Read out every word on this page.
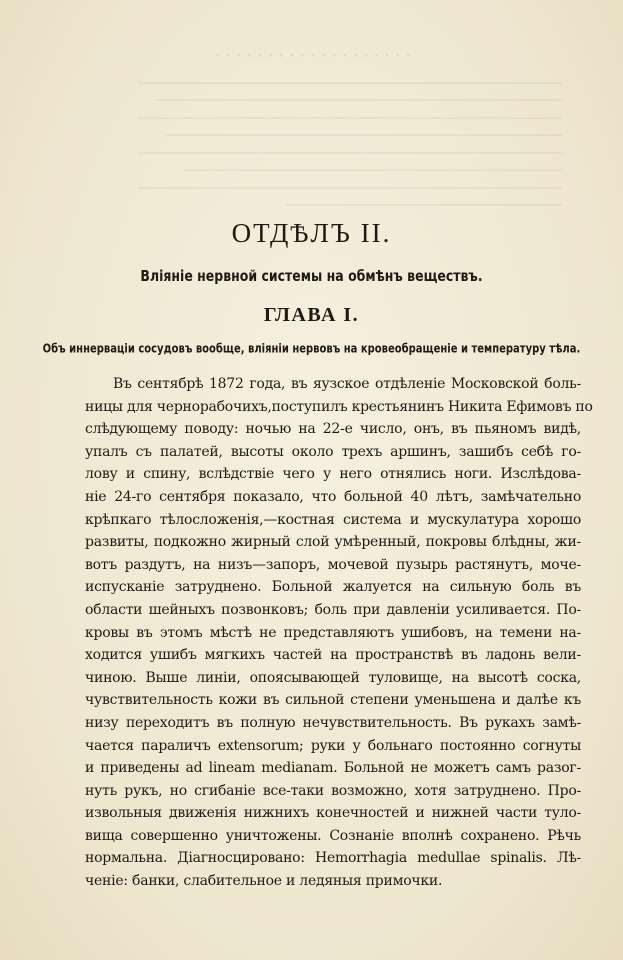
• • • • • • • • • • • • • • • • • • •
──────────────────────────────────────────────
────────────────────────────────────────────
──────────────────────────────────────────────
───────────────────────────────────────────
──────────────────────────────────────────────
─────────────────────────────────────────
──────────────────────────────────────────────
──────────────────────────────
ОТДѢЛЪ II.
Вліяніе нервной системы на обмѣнъ веществъ.
ГЛАВА I.
Объ иннерваціи сосудовъ вообще, вліяніи нервовъ на кровеобращеніе и температуру тѣла.
Въ сентябрѣ 1872 года, въ яузское отдѣленіе Московской боль-
ницы для чернорабочихъ,поступилъ крестьянинъ Никита Ефимовъ по
слѣдующему поводу: ночью на 22-е число, онъ, въ пьяномъ видѣ,
упалъ съ палатей, высоты около трехъ аршинъ, зашибъ себѣ го-
лову и спину, вслѣдствіе чего у него отнялись ноги. Изслѣдова-
ніе 24-го сентября показало, что больной 40 лѣтъ, замѣчательно
крѣпкаго тѣлосложенія,—костная система и мускулатура хорошо
развиты, подкожно жирный слой умѣренный, покровы блѣдны, жи-
вотъ раздутъ, на низъ—запоръ, мочевой пузырь растянутъ, моче-
испусканіе затруднено. Больной жалуется на сильную боль въ
области шейныхъ позвонковъ; боль при давленіи усиливается. По-
кровы въ этомъ мѣстѣ не представляютъ ушибовъ, на темени на-
ходится ушибъ мягкихъ частей на пространствѣ въ ладонь вели-
чиною. Выше линіи, опоясывающей туловище, на высотѣ соска,
чувствительность кожи въ сильной степени уменьшена и далѣе къ
низу переходитъ въ полную нечувствительность. Въ рукахъ замѣ-
чается параличъ extensorum; руки у больнаго постоянно согнуты
и приведены ad lineam medianam. Больной не можетъ самъ разог-
нуть рукъ, но сгибаніе все-таки возможно, хотя затруднено. Про-
извольныя движенія нижнихъ конечностей и нижней части туло-
вища совершенно уничтожены. Сознаніе вполнѣ сохранено. Рѣчь
нормальна. Діагносцировано: Hemorrhagia medullae spinalis. Лѣ-
ченіе: банки, слабительное и ледяныя примочки.
